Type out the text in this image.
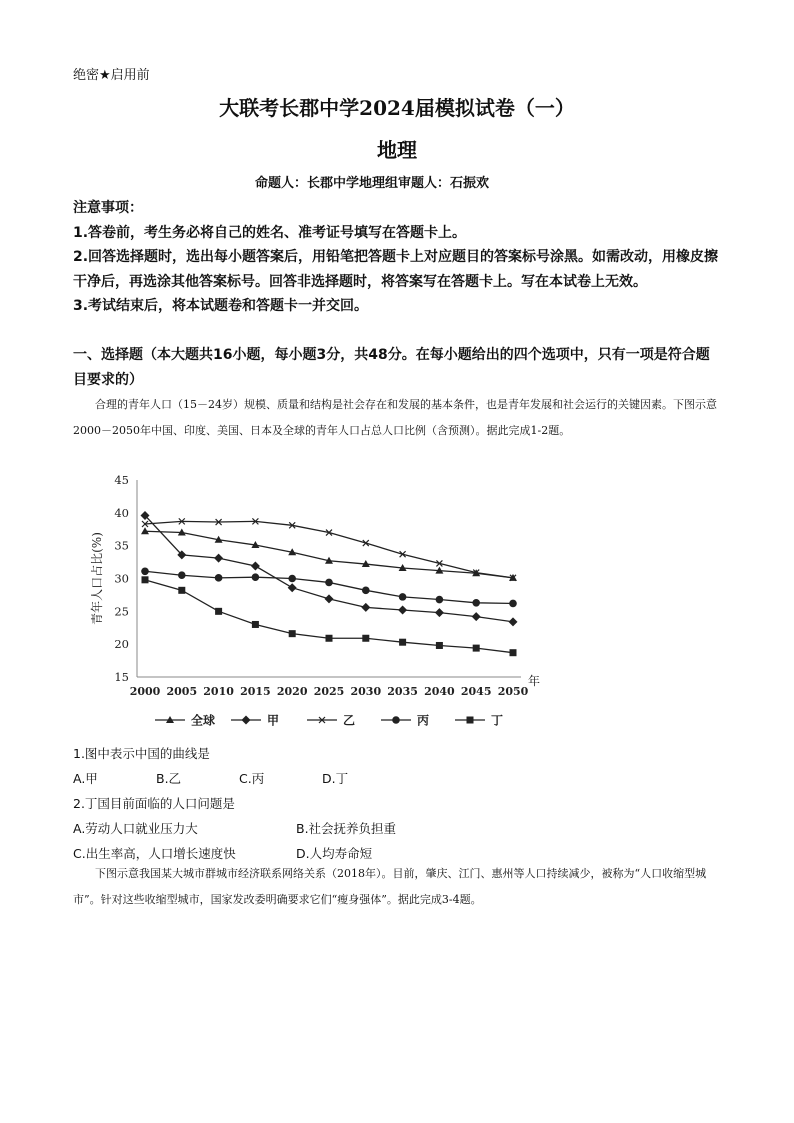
绝密★启用前
大联考长郡中学2024届模拟试卷（一）
地理
命题人：长郡中学地理组审题人：石振欢

注意事项：

1.答卷前，考生务必将自己的姓名、准考证号填写在答题卡上。

2.回答选择题时，选出每小题答案后，用铅笔把答题卡上对应题目的答案标号涂黑。如需改动，用橡皮擦干净后，再选涂其他答案标号。回答非选择题时，将答案写在答题卡上。写在本试卷上无效。

3.考试结束后，将本试题卷和答题卡一并交回。

一、选择题（本大题共16小题，每小题3分，共48分。在每小题给出的四个选项中，只有一项是符合题目要求的）

合理的青年人口（15－24岁）规模、质量和结构是社会存在和发展的基本条件，也是青年发展和社会运行的关键因素。下图示意2000－2050年中国、印度、美国、日本及全球的青年人口占总人口比例（含预测）。据此完成1-2题。

15
20
25
30
35
40
45
2000 2005 2010 2015 2020 2025 2030 2035 2040 2045 2050
年
青年人口占比(%)
全球	甲	乙	丙	丁
1.图中表示中国的曲线是
A.甲	B.乙	C.丙	D.丁
2.丁国目前面临的人口问题是
A.劳动人口就业压力大	B.社会抚养负担重
C.出生率高，人口增长速度快	D.人均寿命短

下图示意我国某大城市群城市经济联系网络关系（2018年）。目前，肇庆、江门、惠州等人口持续减少，被称为“人口收缩型城市”。针对这些收缩型城市，国家发改委明确要求它们“瘦身强体”。据此完成3-4题。
